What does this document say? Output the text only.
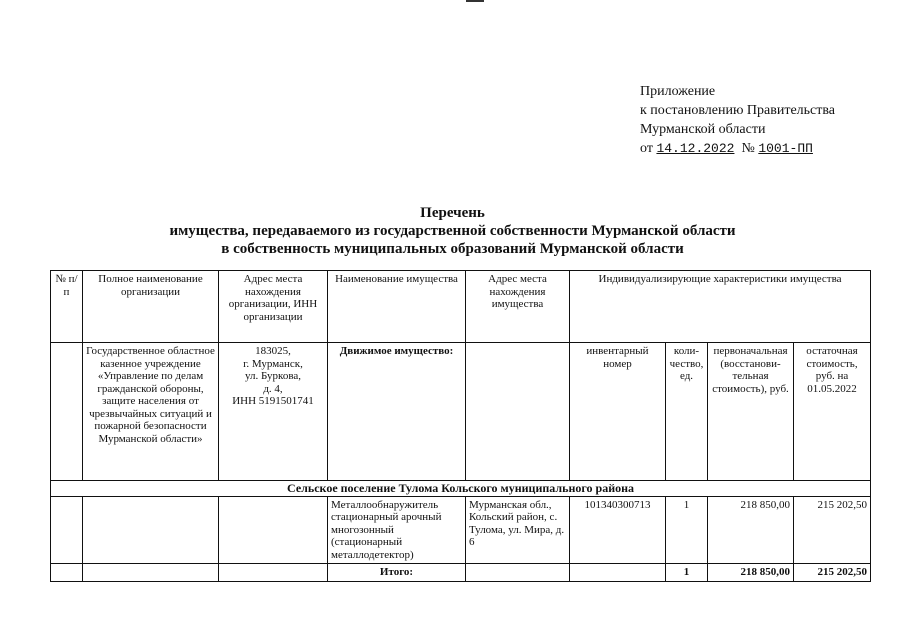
Приложение
к постановлению Правительства
Мурманской области
от 14.12.2022 № 1001-ПП
Перечень
имущества, передаваемого из государственной собственности Мурманской области
в собственность муниципальных образований Мурманской области
№ п/п	Полное наименование организации	Адрес места нахождения организации, ИНН организации	Наименование имущества	Адрес места нахождения имущества	Индивидуализирующие характеристики имущества			
	Государственное областное казенное учреждение «Управление по делам гражданской обороны, защите населения от чрезвычайных ситуаций и пожарной безопасности Мурманской области»	183025,
г. Мурманск,
ул. Буркова,
д. 4,
ИНН 5191501741	Движимое имущество:		инвентарный номер	коли-чество, ед.	первоначальная (восстанови-тельная стоимость), руб.	остаточная стоимость, руб. на 01.05.2022
Сельское поселение Тулома Кольского муниципального района								
			Металлообнаружитель стационарный арочный многозонный (стационарный металлодетектор)	Мурманская обл., Кольский район, с. Тулома, ул. Мира, д. 6	101340300713	1	218 850,00	215 202,50
			Итого:			1	218 850,00	215 202,50
